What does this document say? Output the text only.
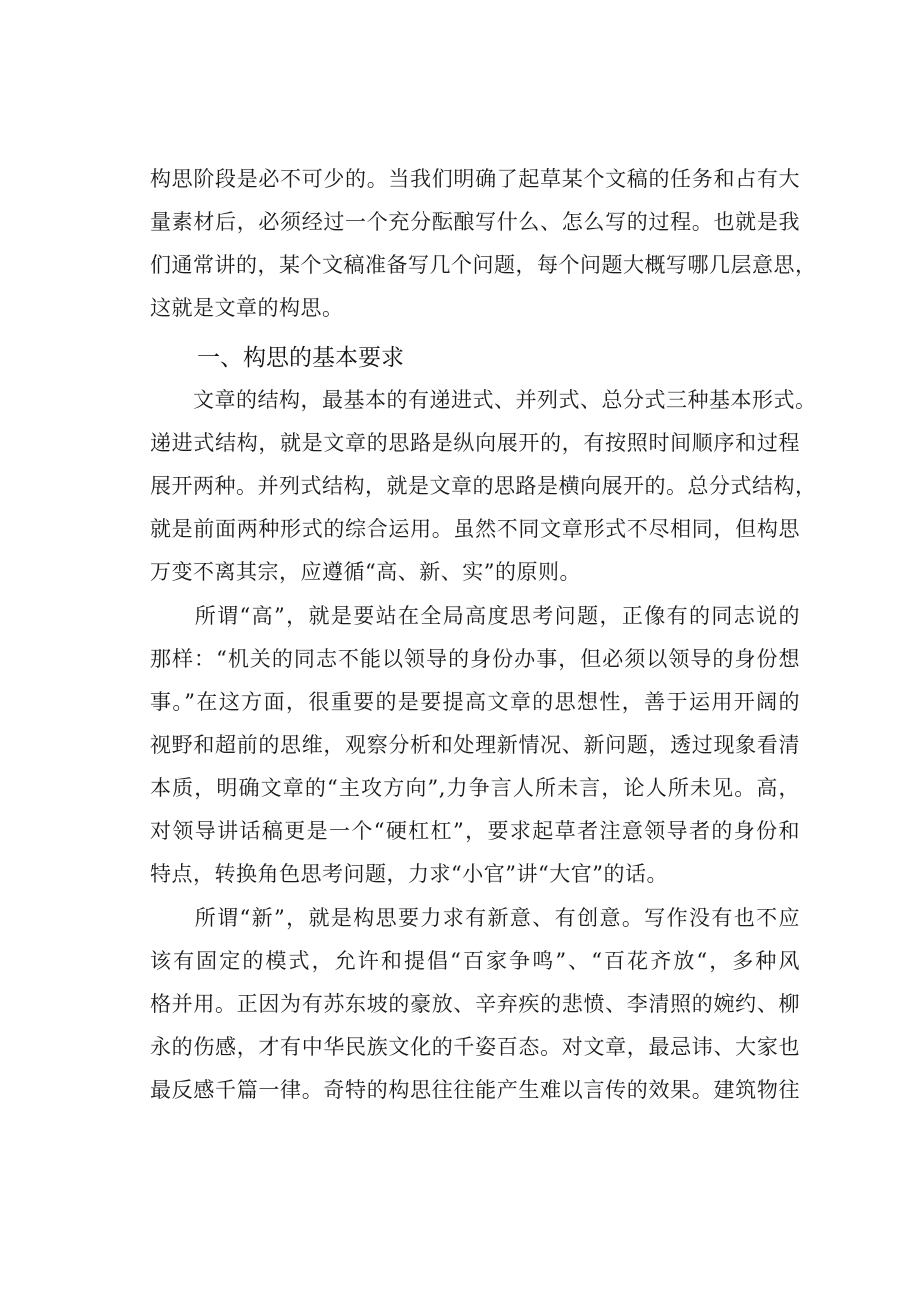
构思阶段是必不可少的。当我们明确了起草某个文稿的任务和占有大
量素材后，必须经过一个充分酝酿写什么、怎么写的过程。也就是我
们通常讲的，某个文稿准备写几个问题，每个问题大概写哪几层意思，
这就是文章的构思。

一、构思的基本要求

　　文章的结构，最基本的有递进式、并列式、总分式三种基本形式。
递进式结构，就是文章的思路是纵向展开的，有按照时间顺序和过程
展开两种。并列式结构，就是文章的思路是横向展开的。总分式结构，
就是前面两种形式的综合运用。虽然不同文章形式不尽相同，但构思
万变不离其宗，应遵循“高、新、实”的原则。

　　所谓“高”，就是要站在全局高度思考问题，正像有的同志说的
那样：“机关的同志不能以领导的身份办事，但必须以领导的身份想
事。”在这方面，很重要的是要提高文章的思想性，善于运用开阔的
视野和超前的思维，观察分析和处理新情况、新问题，透过现象看清
本质，明确文章的“主攻方向”,力争言人所未言，论人所未见。高，
对领导讲话稿更是一个“硬杠杠”，要求起草者注意领导者的身份和
特点，转换角色思考问题，力求“小官”讲“大官”的话。

　　所谓“新”，就是构思要力求有新意、有创意。写作没有也不应
该有固定的模式，允许和提倡“百家争鸣”、“百花齐放“，多种风
格并用。正因为有苏东坡的豪放、辛弃疾的悲愤、李清照的婉约、柳
永的伤感，才有中华民族文化的千姿百态。对文章，最忌讳、大家也
最反感千篇一律。奇特的构思往往能产生难以言传的效果。建筑物往
